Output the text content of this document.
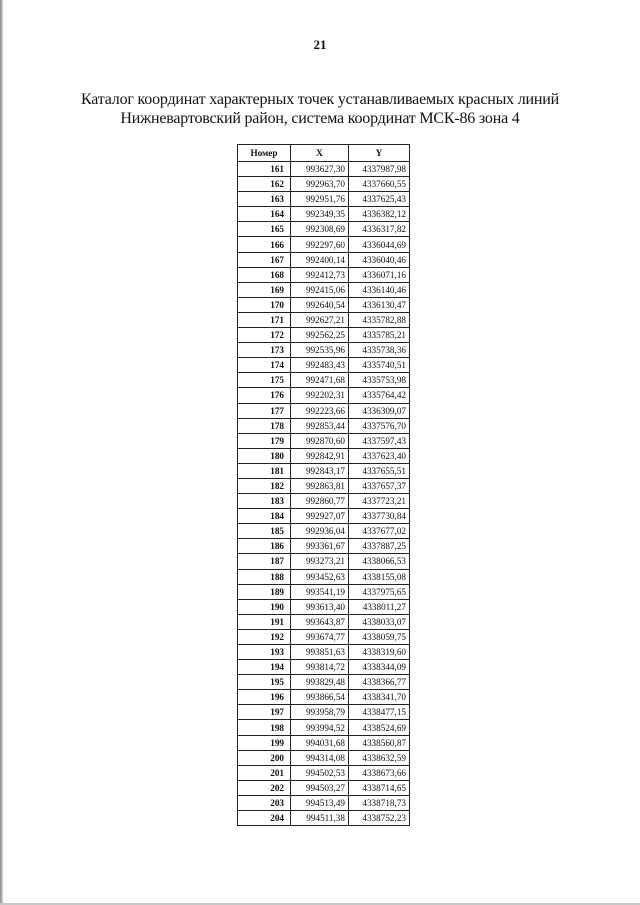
21
Каталог координат характерных точек устанавливаемых красных линий
Нижневартовский район, система координат МСК-86 зона 4
Номер	X	Y
161	993627,30	4337987,98
162	992963,70	4337660,55
163	992951,76	4337625,43
164	992349,35	4336382,12
165	992308,69	4336317,82
166	992297,60	4336044,69
167	992400,14	4336040,46
168	992412,73	4336071,16
169	992415,06	4336140,46
170	992640,54	4336130,47
171	992627,21	4335782,88
172	992562,25	4335785,21
173	992535,96	4335738,36
174	992483,43	4335740,51
175	992471,68	4335753,98
176	992202,31	4335764,42
177	992223,66	4336309,07
178	992853,44	4337576,70
179	992870,60	4337597,43
180	992842,91	4337623,40
181	992843,17	4337655,51
182	992863,81	4337657,37
183	992860,77	4337723,21
184	992927,07	4337730,84
185	992936,04	4337677,02
186	993361,67	4337887,25
187	993273,21	4338066,53
188	993452,63	4338155,08
189	993541,19	4337975,65
190	993613,40	4338011,27
191	993643,87	4338033,07
192	993674,77	4338059,75
193	993851,63	4338319,60
194	993814,72	4338344,09
195	993829,48	4338366,77
196	993866,54	4338341,70
197	993958,79	4338477,15
198	993994,52	4338524,69
199	994031,68	4338560,87
200	994314,08	4338632,59
201	994502,53	4338673,66
202	994503,27	4338714,65
203	994513,49	4338718,73
204	994511,38	4338752,23
